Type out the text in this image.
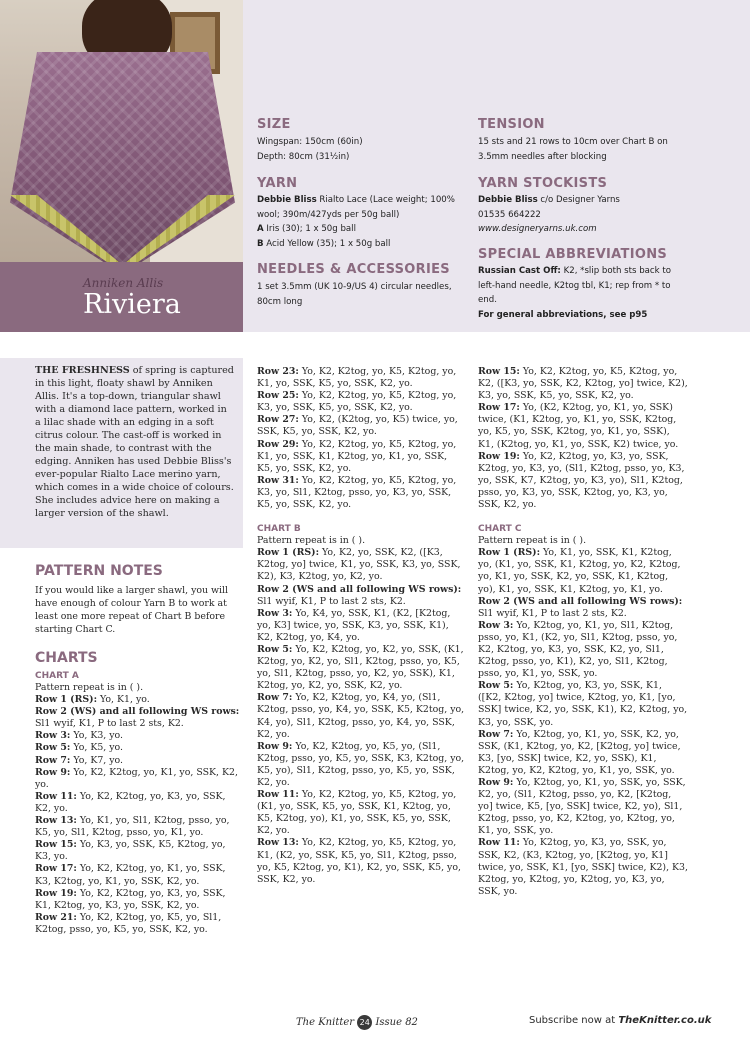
Anniken Allis
Riviera
SIZE
Wingspan: 150cm (60in)
Depth: 80cm (31½in)
YARN
Debbie Bliss Rialto Lace (Lace weight; 100%
wool; 390m/427yds per 50g ball)
A Iris (30); 1 x 50g ball
B Acid Yellow (35); 1 x 50g ball
NEEDLES & ACCESSORIES
1 set 3.5mm (UK 10-9/US 4) circular needles,
80cm long
TENSION
15 sts and 21 rows to 10cm over Chart B on
3.5mm needles after blocking
YARN STOCKISTS
Debbie Bliss c/o Designer Yarns
01535 664222
www.designeryarns.uk.com
SPECIAL ABBREVIATIONS
Russian Cast Off: K2, *slip both sts back to
left-hand needle, K2tog tbl, K1; rep from * to
end.
For general abbreviations, see p95
THE FRESHNESS of spring is captured in this light, floaty shawl by Anniken Allis. It's a top-down, triangular shawl with a diamond lace pattern, worked in a lilac shade with an edging in a soft citrus colour. The cast-off is worked in the main shade, to contrast with the edging. Anniken has used Debbie Bliss's ever-popular Rialto Lace merino yarn, which comes in a wide choice of colours. She includes advice here on making a larger version of the shawl.
PATTERN NOTES
If you would like a larger shawl, you will have enough of colour Yarn B to work at least one more repeat of Chart B before starting Chart C.
CHARTS
CHART A

Pattern repeat is in ( ).

Row 1 (RS): Yo, K1, yo.

Row 2 (WS) and all following WS rows: Sl1 wyif, K1, P to last 2 sts, K2.

Row 3: Yo, K3, yo.

Row 5: Yo, K5, yo.

Row 7: Yo, K7, yo.

Row 9: Yo, K2, K2tog, yo, K1, yo, SSK, K2, yo.

Row 11: Yo, K2, K2tog, yo, K3, yo, SSK, K2, yo.

Row 13: Yo, K1, yo, Sl1, K2tog, psso, yo, K5, yo, Sl1, K2tog, psso, yo, K1, yo.

Row 15: Yo, K3, yo, SSK, K5, K2tog, yo, K3, yo.

Row 17: Yo, K2, K2tog, yo, K1, yo, SSK, K3, K2tog, yo, K1, yo, SSK, K2, yo.

Row 19: Yo, K2, K2tog, yo, K3, yo, SSK, K1, K2tog, yo, K3, yo, SSK, K2, yo.

Row 21: Yo, K2, K2tog, yo, K5, yo, Sl1, K2tog, psso, yo, K5, yo, SSK, K2, yo.

Row 23: Yo, K2, K2tog, yo, K5, K2tog, yo, K1, yo, SSK, K5, yo, SSK, K2, yo.

Row 25: Yo, K2, K2tog, yo, K5, K2tog, yo, K3, yo, SSK, K5, yo, SSK, K2, yo.

Row 27: Yo, K2, (K2tog, yo, K5) twice, yo, SSK, K5, yo, SSK, K2, yo.

Row 29: Yo, K2, K2tog, yo, K5, K2tog, yo, K1, yo, SSK, K1, K2tog, yo, K1, yo, SSK, K5, yo, SSK, K2, yo.

Row 31: Yo, K2, K2tog, yo, K5, K2tog, yo, K3, yo, Sl1, K2tog, psso, yo, K3, yo, SSK, K5, yo, SSK, K2, yo.

CHART B

Pattern repeat is in ( ).

Row 1 (RS): Yo, K2, yo, SSK, K2, ([K3, K2tog, yo] twice, K1, yo, SSK, K3, yo, SSK, K2), K3, K2tog, yo, K2, yo.

Row 2 (WS and all following WS rows): Sl1 wyif, K1, P to last 2 sts, K2.

Row 3: Yo, K4, yo, SSK, K1, (K2, [K2tog, yo, K3] twice, yo, SSK, K3, yo, SSK, K1), K2, K2tog, yo, K4, yo.

Row 5: Yo, K2, K2tog, yo, K2, yo, SSK, (K1, K2tog, yo, K2, yo, Sl1, K2tog, psso, yo, K5, yo, Sl1, K2tog, psso, yo, K2, yo, SSK), K1, K2tog, yo, K2, yo, SSK, K2, yo.

Row 7: Yo, K2, K2tog, yo, K4, yo, (Sl1, K2tog, psso, yo, K4, yo, SSK, K5, K2tog, yo, K4, yo), Sl1, K2tog, psso, yo, K4, yo, SSK, K2, yo.

Row 9: Yo, K2, K2tog, yo, K5, yo, (Sl1, K2tog, psso, yo, K5, yo, SSK, K3, K2tog, yo, K5, yo), Sl1, K2tog, psso, yo, K5, yo, SSK, K2, yo.

Row 11: Yo, K2, K2tog, yo, K5, K2tog, yo, (K1, yo, SSK, K5, yo, SSK, K1, K2tog, yo, K5, K2tog, yo), K1, yo, SSK, K5, yo, SSK, K2, yo.

Row 13: Yo, K2, K2tog, yo, K5, K2tog, yo, K1, (K2, yo, SSK, K5, yo, Sl1, K2tog, psso, yo, K5, K2tog, yo, K1), K2, yo, SSK, K5, yo, SSK, K2, yo.

Row 15: Yo, K2, K2tog, yo, K5, K2tog, yo, K2, ([K3, yo, SSK, K2, K2tog, yo] twice, K2), K3, yo, SSK, K5, yo, SSK, K2, yo.

Row 17: Yo, (K2, K2tog, yo, K1, yo, SSK) twice, (K1, K2tog, yo, K1, yo, SSK, K2tog, yo, K5, yo, SSK, K2tog, yo, K1, yo, SSK), K1, (K2tog, yo, K1, yo, SSK, K2) twice, yo.

Row 19: Yo, K2, K2tog, yo, K3, yo, SSK, K2tog, yo, K3, yo, (Sl1, K2tog, psso, yo, K3, yo, SSK, K7, K2tog, yo, K3, yo), Sl1, K2tog, psso, yo, K3, yo, SSK, K2tog, yo, K3, yo, SSK, K2, yo.

CHART C

Pattern repeat is in ( ).

Row 1 (RS): Yo, K1, yo, SSK, K1, K2tog, yo, (K1, yo, SSK, K1, K2tog, yo, K2, K2tog, yo, K1, yo, SSK, K2, yo, SSK, K1, K2tog, yo), K1, yo, SSK, K1, K2tog, yo, K1, yo.

Row 2 (WS and all following WS rows): Sl1 wyif, K1, P to last 2 sts, K2.

Row 3: Yo, K2tog, yo, K1, yo, Sl1, K2tog, psso, yo, K1, (K2, yo, Sl1, K2tog, psso, yo, K2, K2tog, yo, K3, yo, SSK, K2, yo, Sl1, K2tog, psso, yo, K1), K2, yo, Sl1, K2tog, psso, yo, K1, yo, SSK, yo.

Row 5: Yo, K2tog, yo, K3, yo, SSK, K1, ([K2, K2tog, yo] twice, K2tog, yo, K1, [yo, SSK] twice, K2, yo, SSK, K1), K2, K2tog, yo, K3, yo, SSK, yo.

Row 7: Yo, K2tog, yo, K1, yo, SSK, K2, yo, SSK, (K1, K2tog, yo, K2, [K2tog, yo] twice, K3, [yo, SSK] twice, K2, yo, SSK), K1, K2tog, yo, K2, K2tog, yo, K1, yo, SSK, yo.

Row 9: Yo, K2tog, yo, K1, yo, SSK, yo, SSK, K2, yo, (Sl1, K2tog, psso, yo, K2, [K2tog, yo] twice, K5, [yo, SSK] twice, K2, yo), Sl1, K2tog, psso, yo, K2, K2tog, yo, K2tog, yo, K1, yo, SSK, yo.

Row 11: Yo, K2tog, yo, K3, yo, SSK, yo, SSK, K2, (K3, K2tog, yo, [K2tog, yo, K1] twice, yo, SSK, K1, [yo, SSK] twice, K2), K3, K2tog, yo, K2tog, yo, K2tog, yo, K3, yo, SSK, yo.

The Knitter 24 Issue 82	Subscribe now at TheKnitter.co.uk
